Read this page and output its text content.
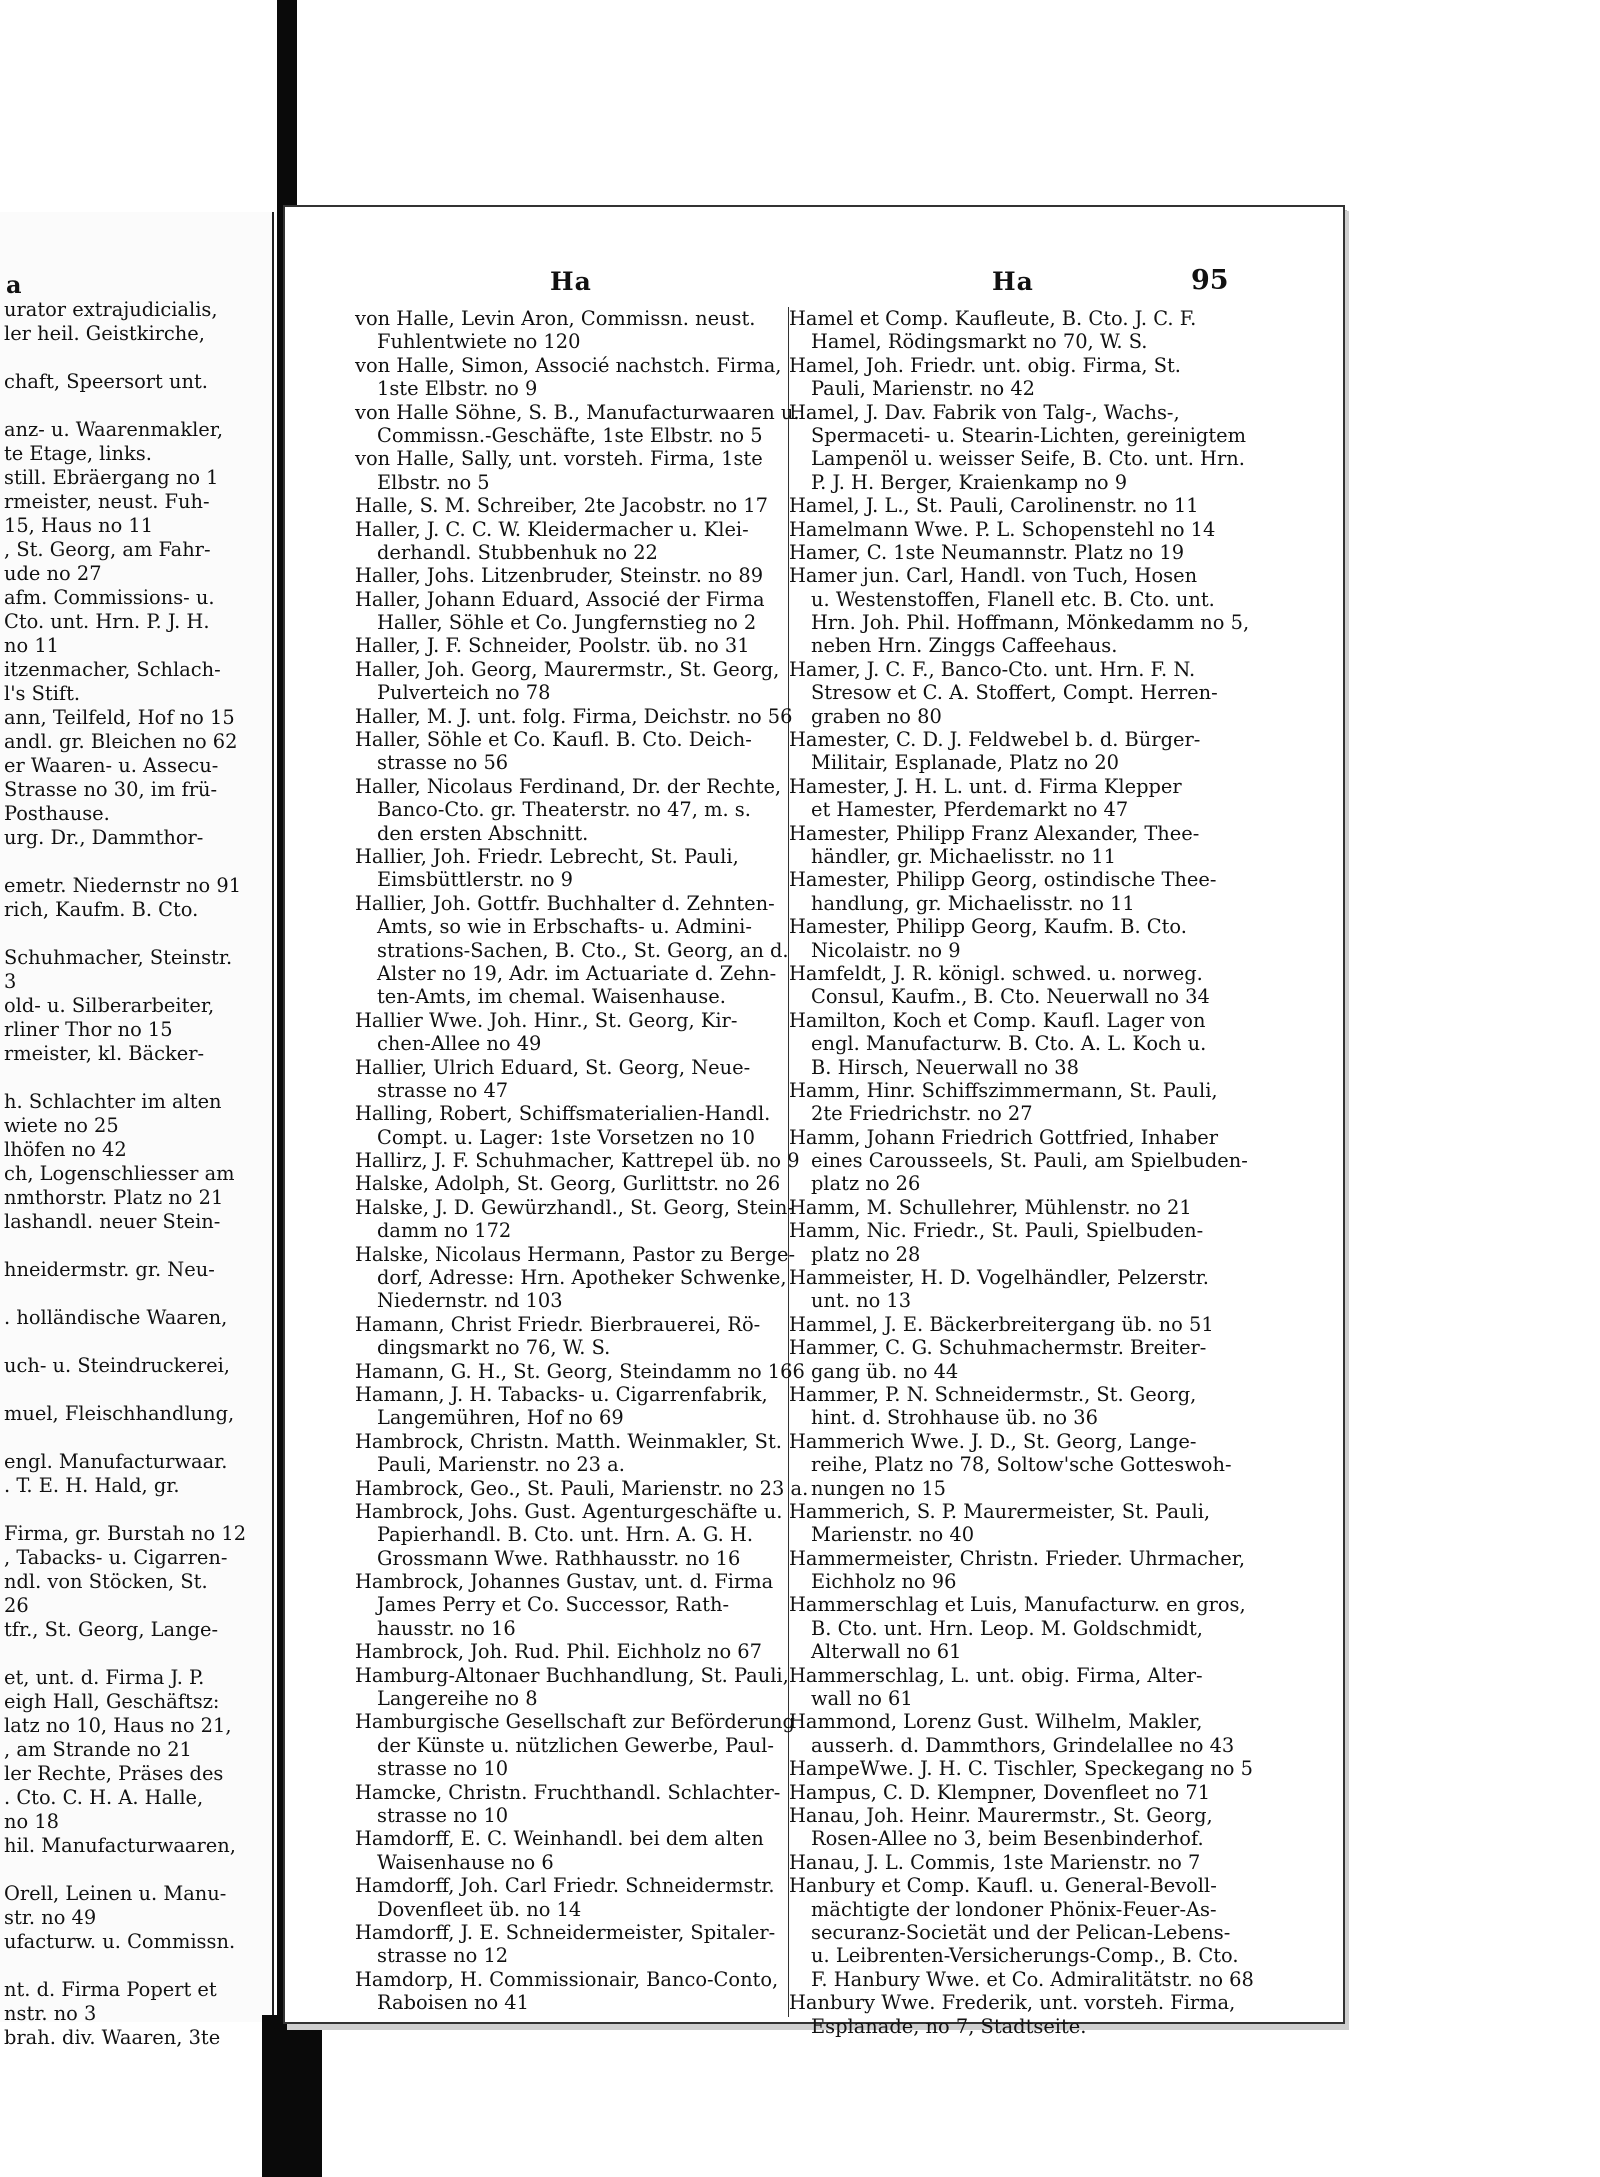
a
urator extrajudicialis,
ler heil. Geistkirche,
chaft, Speersort unt.
anz- u. Waarenmakler,
te Etage, links.
still. Ebräergang no 1
rmeister, neust. Fuh-
15, Haus no 11
, St. Georg, am Fahr-
ude no 27
afm. Commissions- u.
Cto. unt. Hrn. P. J. H.
no 11
itzenmacher, Schlach-
l's Stift.
ann, Teilfeld, Hof no 15
andl. gr. Bleichen no 62
er Waaren- u. Assecu-
Strasse no 30, im frü-
Posthause.
urg. Dr., Dammthor-
emetr. Niedernstr no 91
rich, Kaufm. B. Cto.
Schuhmacher, Steinstr.
3
old- u. Silberarbeiter,
rliner Thor no 15
rmeister, kl. Bäcker-
h. Schlachter im alten
wiete no 25
lhöfen no 42
ch, Logenschliesser am
nmthorstr. Platz no 21
lashandl. neuer Stein-
hneidermstr. gr. Neu-
. holländische Waaren,
uch- u. Steindruckerei,
muel, Fleischhandlung,
engl. Manufacturwaar.
. T. E. H. Hald, gr.
Firma, gr. Burstah no 12
, Tabacks- u. Cigarren-
ndl. von Stöcken, St.
26
tfr., St. Georg, Lange-
et, unt. d. Firma J. P.
eigh Hall, Geschäftsz:
latz no 10, Haus no 21,
, am Strande no 21
ler Rechte, Präses des
. Cto. C. H. A. Halle,
no 18
hil. Manufacturwaaren,
Orell, Leinen u. Manu-
str. no 49
ufacturw. u. Commissn.
nt. d. Firma Popert et
nstr. no 3
brah. div. Waaren, 3te
Ha	Ha	95
von Halle, Levin Aron, Commissn. neust.
Fuhlentwiete no 120
von Halle, Simon, Associé nachstch. Firma,
1ste Elbstr. no 9
von Halle Söhne, S. B., Manufacturwaaren u.
Commissn.-Geschäfte, 1ste Elbstr. no 5
von Halle, Sally, unt. vorsteh. Firma, 1ste
Elbstr. no 5
Halle, S. M. Schreiber, 2te Jacobstr. no 17
Haller, J. C. C. W. Kleidermacher u. Klei-
derhandl. Stubbenhuk no 22
Haller, Johs. Litzenbruder, Steinstr. no 89
Haller, Johann Eduard, Associé der Firma
Haller, Söhle et Co. Jungfernstieg no 2
Haller, J. F. Schneider, Poolstr. üb. no 31
Haller, Joh. Georg, Maurermstr., St. Georg,
Pulverteich no 78
Haller, M. J. unt. folg. Firma, Deichstr. no 56
Haller, Söhle et Co. Kaufl. B. Cto. Deich-
strasse no 56
Haller, Nicolaus Ferdinand, Dr. der Rechte,
Banco-Cto. gr. Theaterstr. no 47, m. s.
den ersten Abschnitt.
Hallier, Joh. Friedr. Lebrecht, St. Pauli,
Eimsbüttlerstr. no 9
Hallier, Joh. Gottfr. Buchhalter d. Zehnten-
Amts, so wie in Erbschafts- u. Admini-
strations-Sachen, B. Cto., St. Georg, an d.
Alster no 19, Adr. im Actuariate d. Zehn-
ten-Amts, im chemal. Waisenhause.
Hallier Wwe. Joh. Hinr., St. Georg, Kir-
chen-Allee no 49
Hallier, Ulrich Eduard, St. Georg, Neue-
strasse no 47
Halling, Robert, Schiffsmaterialien-Handl.
Compt. u. Lager: 1ste Vorsetzen no 10
Hallirz, J. F. Schuhmacher, Kattrepel üb. no 9
Halske, Adolph, St. Georg, Gurlittstr. no 26
Halske, J. D. Gewürzhandl., St. Georg, Stein-
damm no 172
Halske, Nicolaus Hermann, Pastor zu Berge-
dorf, Adresse: Hrn. Apotheker Schwenke,
Niedernstr. nd 103
Hamann, Christ Friedr. Bierbrauerei, Rö-
dingsmarkt no 76, W. S.
Hamann, G. H., St. Georg, Steindamm no 166
Hamann, J. H. Tabacks- u. Cigarrenfabrik,
Langemühren, Hof no 69
Hambrock, Christn. Matth. Weinmakler, St.
Pauli, Marienstr. no 23 a.
Hambrock, Geo., St. Pauli, Marienstr. no 23 a.
Hambrock, Johs. Gust. Agenturgeschäfte u.
Papierhandl. B. Cto. unt. Hrn. A. G. H.
Grossmann Wwe. Rathhausstr. no 16
Hambrock, Johannes Gustav, unt. d. Firma
James Perry et Co. Successor, Rath-
hausstr. no 16
Hambrock, Joh. Rud. Phil. Eichholz no 67
Hamburg-Altonaer Buchhandlung, St. Pauli,
Langereihe no 8
Hamburgische Gesellschaft zur Beförderung
der Künste u. nützlichen Gewerbe, Paul-
strasse no 10
Hamcke, Christn. Fruchthandl. Schlachter-
strasse no 10
Hamdorff, E. C. Weinhandl. bei dem alten
Waisenhause no 6
Hamdorff, Joh. Carl Friedr. Schneidermstr.
Dovenfleet üb. no 14
Hamdorff, J. E. Schneidermeister, Spitaler-
strasse no 12
Hamdorp, H. Commissionair, Banco-Conto,
Raboisen no 41
Hamel et Comp. Kaufleute, B. Cto. J. C. F.
Hamel, Rödingsmarkt no 70, W. S.
Hamel, Joh. Friedr. unt. obig. Firma, St.
Pauli, Marienstr. no 42
Hamel, J. Dav. Fabrik von Talg-, Wachs-,
Spermaceti- u. Stearin-Lichten, gereinigtem
Lampenöl u. weisser Seife, B. Cto. unt. Hrn.
P. J. H. Berger, Kraienkamp no 9
Hamel, J. L., St. Pauli, Carolinenstr. no 11
Hamelmann Wwe. P. L. Schopenstehl no 14
Hamer, C. 1ste Neumannstr. Platz no 19
Hamer jun. Carl, Handl. von Tuch, Hosen
u. Westenstoffen, Flanell etc. B. Cto. unt.
Hrn. Joh. Phil. Hoffmann, Mönkedamm no 5,
neben Hrn. Zinggs Caffeehaus.
Hamer, J. C. F., Banco-Cto. unt. Hrn. F. N.
Stresow et C. A. Stoffert, Compt. Herren-
graben no 80
Hamester, C. D. J. Feldwebel b. d. Bürger-
Militair, Esplanade, Platz no 20
Hamester, J. H. L. unt. d. Firma Klepper
et Hamester, Pferdemarkt no 47
Hamester, Philipp Franz Alexander, Thee-
händler, gr. Michaelisstr. no 11
Hamester, Philipp Georg, ostindische Thee-
handlung, gr. Michaelisstr. no 11
Hamester, Philipp Georg, Kaufm. B. Cto.
Nicolaistr. no 9
Hamfeldt, J. R. königl. schwed. u. norweg.
Consul, Kaufm., B. Cto. Neuerwall no 34
Hamilton, Koch et Comp. Kaufl. Lager von
engl. Manufacturw. B. Cto. A. L. Koch u.
B. Hirsch, Neuerwall no 38
Hamm, Hinr. Schiffszimmermann, St. Pauli,
2te Friedrichstr. no 27
Hamm, Johann Friedrich Gottfried, Inhaber
eines Carousseels, St. Pauli, am Spielbuden-
platz no 26
Hamm, M. Schullehrer, Mühlenstr. no 21
Hamm, Nic. Friedr., St. Pauli, Spielbuden-
platz no 28
Hammeister, H. D. Vogelhändler, Pelzerstr.
unt. no 13
Hammel, J. E. Bäckerbreitergang üb. no 51
Hammer, C. G. Schuhmachermstr. Breiter-
gang üb. no 44
Hammer, P. N. Schneidermstr., St. Georg,
hint. d. Strohhause üb. no 36
Hammerich Wwe. J. D., St. Georg, Lange-
reihe, Platz no 78, Soltow'sche Gotteswoh-
nungen no 15
Hammerich, S. P. Maurermeister, St. Pauli,
Marienstr. no 40
Hammermeister, Christn. Frieder. Uhrmacher,
Eichholz no 96
Hammerschlag et Luis, Manufacturw. en gros,
B. Cto. unt. Hrn. Leop. M. Goldschmidt,
Alterwall no 61
Hammerschlag, L. unt. obig. Firma, Alter-
wall no 61
Hammond, Lorenz Gust. Wilhelm, Makler,
ausserh. d. Dammthors, Grindelallee no 43
HampeWwe. J. H. C. Tischler, Speckegang no 5
Hampus, C. D. Klempner, Dovenfleet no 71
Hanau, Joh. Heinr. Maurermstr., St. Georg,
Rosen-Allee no 3, beim Besenbinderhof.
Hanau, J. L. Commis, 1ste Marienstr. no 7
Hanbury et Comp. Kaufl. u. General-Bevoll-
mächtigte der londoner Phönix-Feuer-As-
securanz-Societät und der Pelican-Lebens-
u. Leibrenten-Versicherungs-Comp., B. Cto.
F. Hanbury Wwe. et Co. Admiralitätstr. no 68
Hanbury Wwe. Frederik, unt. vorsteh. Firma,
Esplanade, no 7, Stadtseite.
